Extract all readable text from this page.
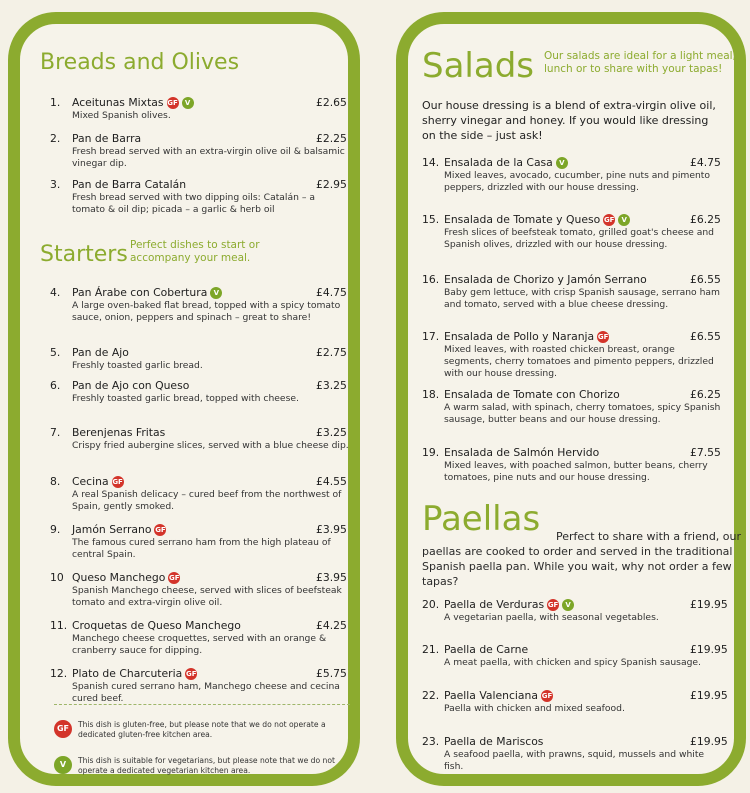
Breads and Olives
Starters Perfect dishes to start or accompany your meal.
1.	Aceitunas Mixtas GF	V	£2.65
Mixed Spanish olives.
2.	Pan de Barra	£2.25
Fresh bread served with an extra-virgin olive oil & balsamic vinegar dip.
3.	Pan de Barra Catalán	£2.95
Fresh bread served with two dipping oils: Catalán – a tomato & oil dip; picada – a garlic & herb oil
4.	Pan Árabe con Cobertura V	£4.75
A large oven-baked flat bread, topped with a spicy tomato sauce, onion, peppers and spinach – great to share!
5.	Pan de Ajo	£2.75
Freshly toasted garlic bread.
6.	Pan de Ajo con Queso	£3.25
Freshly toasted garlic bread, topped with cheese.
7.	Berenjenas Fritas	£3.25
Crispy fried aubergine slices, served with a blue cheese dip.
8.	Cecina GF	£4.55
A real Spanish delicacy – cured beef from the northwest of Spain, gently smoked.
9.	Jamón Serrano GF	£3.95
The famous cured serrano ham from the high plateau of central Spain.
10 Queso Manchego GF	£3.95
Spanish Manchego cheese, served with slices of beefsteak tomato and extra-virgin olive oil.
11. Croquetas de Queso Manchego	£4.25
Manchego cheese croquettes, served with an orange & cranberry sauce for dipping.
12. Plato de Charcuteria GF	£5.75
Spanish cured serrano ham, Manchego cheese and cecina cured beef.
GF	This dish is gluten-free, but please note that we do not operate a dedicated gluten-free kitchen area.
V	This dish is suitable for vegetarians, but please note that we do not operate a dedicated vegetarian kitchen area.
Salads Our salads are ideal for a light meal, lunch or to share with your tapas!
Our house dressing is a blend of extra-virgin olive oil, sherry vinegar and honey. If you would like dressing on the side – just ask!
Paellas	Perfect to share with a friend, our paellas are cooked to order and served in the traditional Spanish paella pan. While you wait, why not order a few tapas?
14. Ensalada de la Casa V	£4.75
Mixed leaves, avocado, cucumber, pine nuts and pimento peppers, drizzled with our house dressing.
15. Ensalada de Tomate y Queso GF	V	£6.25
Fresh slices of beefsteak tomato, grilled goat's cheese and Spanish olives, drizzled with our house dressing.
16. Ensalada de Chorizo y Jamón Serrano	£6.55
Baby gem lettuce, with crisp Spanish sausage, serrano ham and tomato, served with a blue cheese dressing.
17. Ensalada de Pollo y Naranja GF	£6.55
Mixed leaves, with roasted chicken breast, orange segments, cherry tomatoes and pimento peppers, drizzled with our house dressing.
18. Ensalada de Tomate con Chorizo	£6.25
A warm salad, with spinach, cherry tomatoes, spicy Spanish sausage, butter beans and our house dressing.
19. Ensalada de Salmón Hervido	£7.55
Mixed leaves, with poached salmon, butter beans, cherry tomatoes, pine nuts and our house dressing.
20. Paella de Verduras GF	V	£19.95
A vegetarian paella, with seasonal vegetables.
21. Paella de Carne	£19.95
A meat paella, with chicken and spicy Spanish sausage.
22. Paella Valenciana GF	£19.95
Paella with chicken and mixed seafood.
23. Paella de Mariscos	£19.95
A seafood paella, with prawns, squid, mussels and white fish.
